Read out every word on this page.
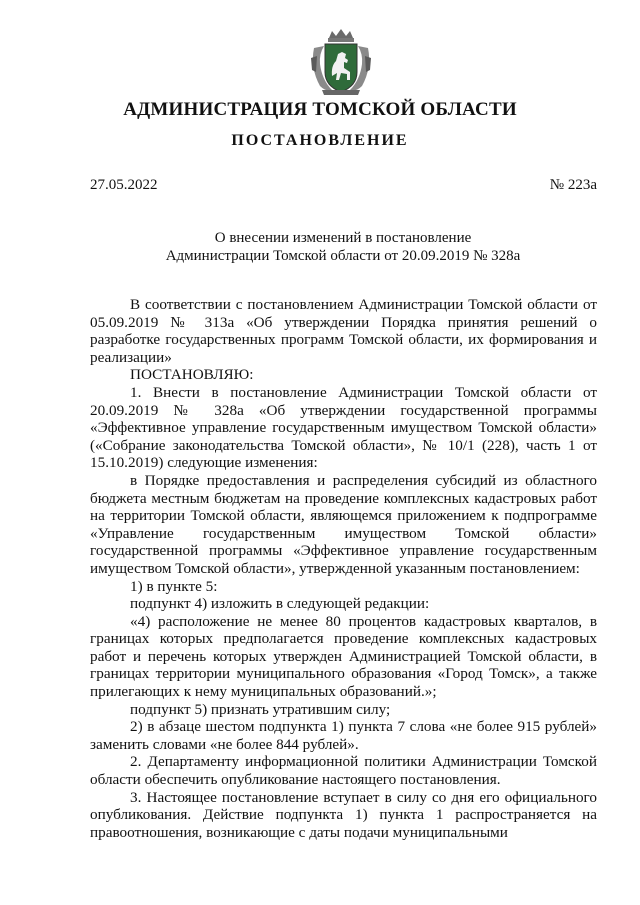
АДМИНИСТРАЦИЯ ТОМСКОЙ ОБЛАСТИ
ПОСТАНОВЛЕНИЕ
27.05.2022	№ 223а
О внесении изменений в постановление
Администрации Томской области от 20.09.2019 № 328а

В соответствии с постановлением Администрации Томской области от 05.09.2019 № 313а «Об утверждении Порядка принятия решений о разработке государственных программ Томской области, их формирования и реализации»

ПОСТАНОВЛЯЮ:

1. Внести в постановление Администрации Томской области от 20.09.2019 № 328а «Об утверждении государственной программы «Эффективное управление государственным имуществом Томской области» («Собрание законодательства Томской области», № 10/1 (228), часть 1 от 15.10.2019) следующие изменения:

в Порядке предоставления и распределения субсидий из областного бюджета местным бюджетам на проведение комплексных кадастровых работ на территории Томской области, являющемся приложением к подпрограмме «Управление государственным имуществом Томской области» государственной программы «Эффективное управление государственным имуществом Томской области», утвержденной указанным постановлением:

1) в пункте 5:

подпункт 4) изложить в следующей редакции:

«4) расположение не менее 80 процентов кадастровых кварталов, в границах которых предполагается проведение комплексных кадастровых работ и перечень которых утвержден Администрацией Томской области, в границах территории муниципального образования «Город Томск», а также прилегающих к нему муниципальных образований.»;

подпункт 5) признать утратившим силу;

2) в абзаце шестом подпункта 1) пункта 7 слова «не более 915 рублей» заменить словами «не более 844 рублей».

2. Департаменту информационной политики Администрации Томской области обеспечить опубликование настоящего постановления.

3. Настоящее постановление вступает в силу со дня его официального опубликования. Действие подпункта 1) пункта 1 распространяется на правоотношения, возникающие с даты подачи муниципальными
